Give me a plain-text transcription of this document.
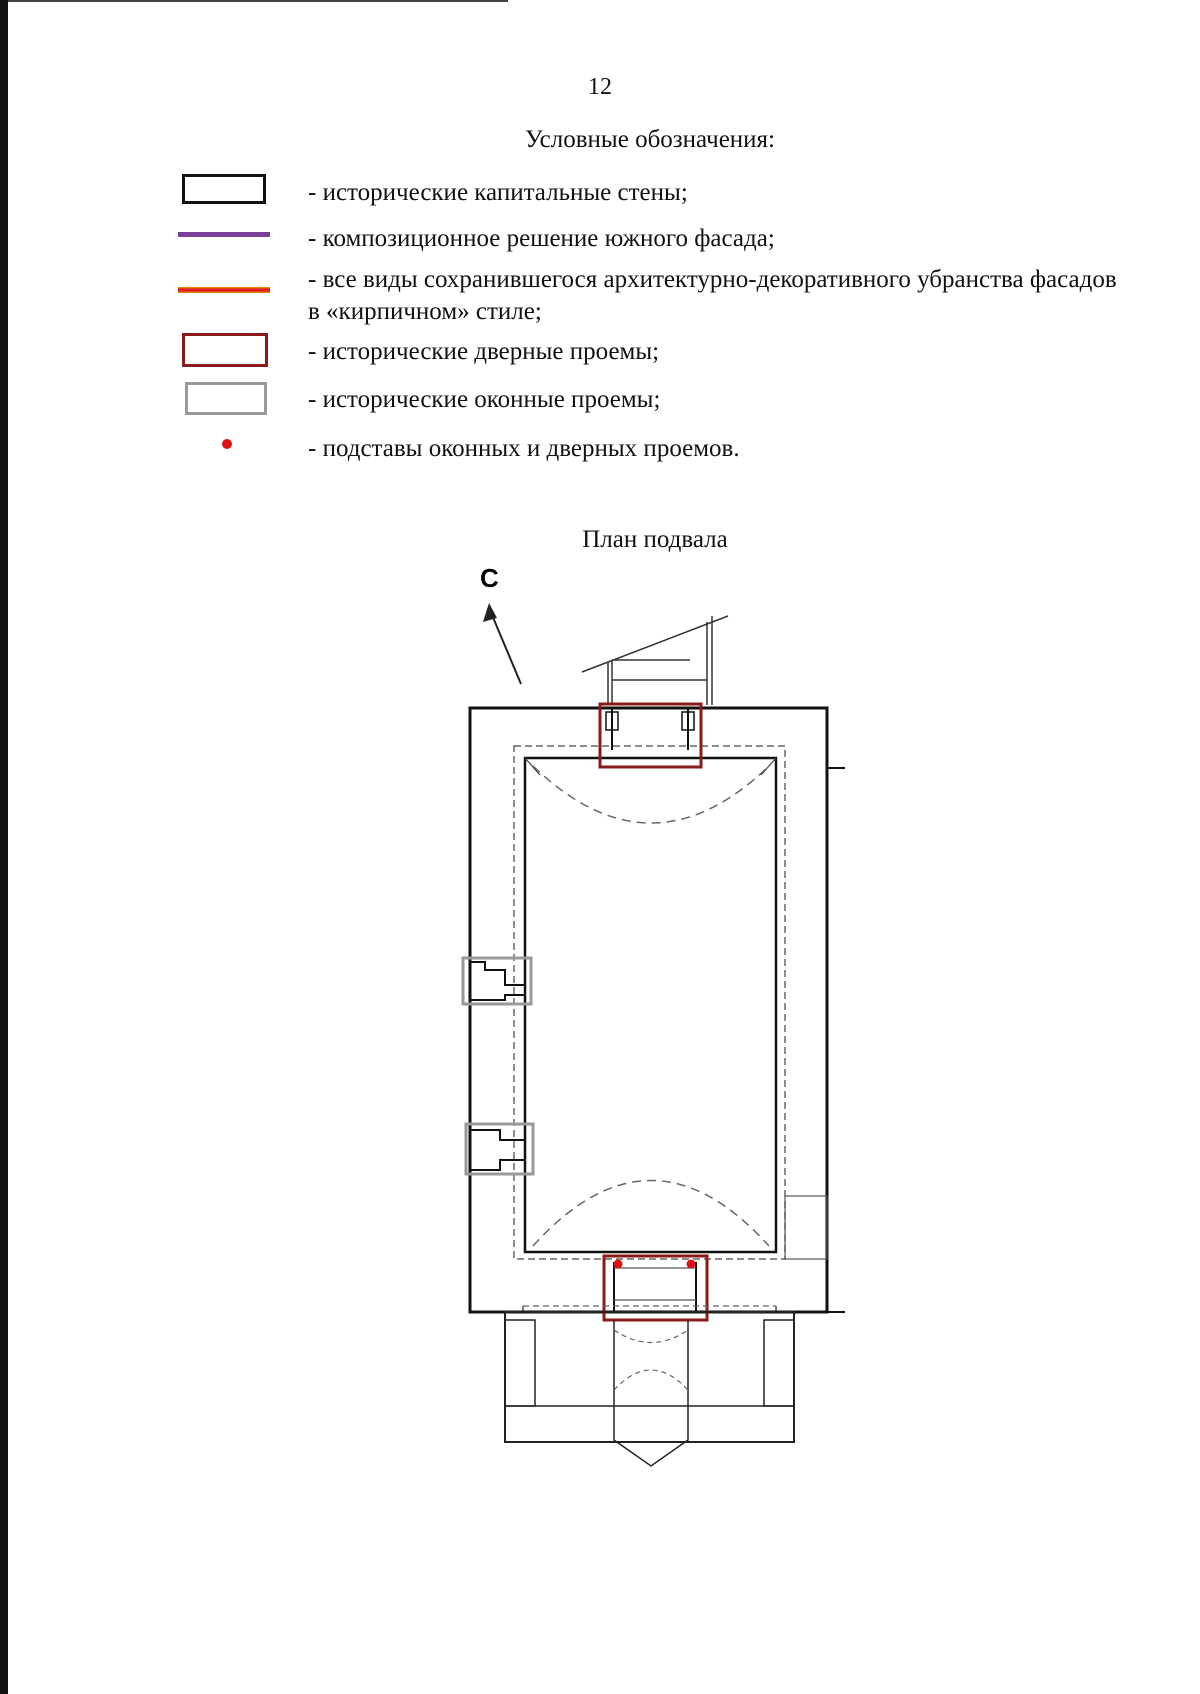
12
Условные обозначения:
- исторические капитальные стены;
- композиционное решение южного фасада;
- все виды сохранившегося архитектурно-декоративного убранства фасадов в «кирпичном» стиле;
- исторические дверные проемы;
- исторические оконные проемы;
- подставы оконных и дверных проемов.
План подвала
С
